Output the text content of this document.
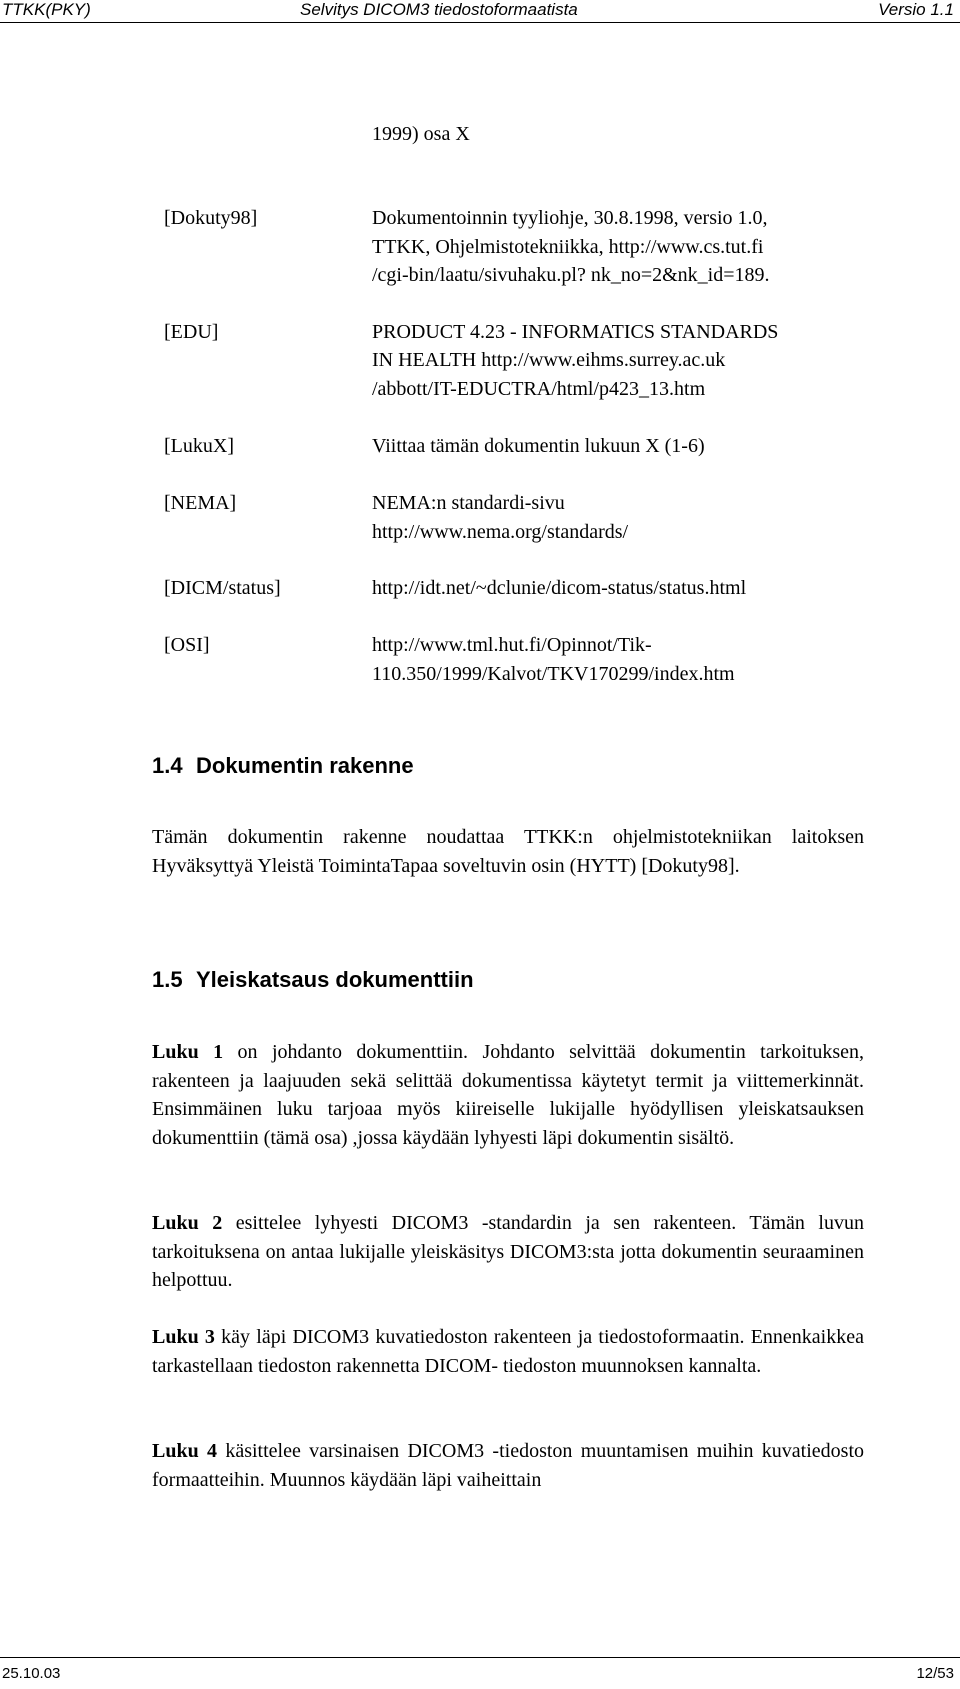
TTKK(PKY)	Selvitys DICOM3 tiedostoformaatista	Versio 1.1
1999) osa X
[Dokuty98]	Dokumentoinnin tyyliohje, 30.8.1998, versio 1.0,
TTKK, Ohjelmistotekniikka, http://www.cs.tut.fi
/cgi-bin/laatu/sivuhaku.pl? nk_no=2&nk_id=189.
[EDU]	PRODUCT 4.23 - INFORMATICS STANDARDS
IN HEALTH http://www.eihms.surrey.ac.uk
/abbott/IT-EDUCTRA/html/p423_13.htm
[LukuX]	Viittaa tämän dokumentin lukuun X (1-6)
[NEMA]	NEMA:n standardi-sivu
http://www.nema.org/standards/
[DICM/status]	http://idt.net/~dclunie/dicom-status/status.html
[OSI]	http://www.tml.hut.fi/Opinnot/Tik-
110.350/1999/Kalvot/TKV170299/index.htm
1.4 Dokumentin rakenne

Tämän dokumentin rakenne noudattaa TTKK:n ohjelmistotekniikan laitoksen Hyväksyttyä Yleistä ToimintaTapaa soveltuvin osin (HYTT) [Dokuty98].

1.5 Yleiskatsaus dokumenttiin

Luku 1 on johdanto dokumenttiin. Johdanto selvittää dokumentin tarkoituksen, rakenteen ja laajuuden sekä selittää dokumentissa käytetyt termit ja viittemerkinnät. Ensimmäinen luku tarjoaa myös kiireiselle lukijalle hyödyllisen yleiskatsauksen dokumenttiin (tämä osa) ,jossa käydään lyhyesti läpi dokumentin sisältö.

Luku 2 esittelee lyhyesti DICOM3 -standardin ja sen rakenteen. Tämän luvun tarkoituksena on antaa lukijalle yleiskäsitys DICOM3:sta jotta dokumentin seuraaminen helpottuu.

Luku 3 käy läpi DICOM3 kuvatiedoston rakenteen ja tiedostoformaatin. Ennenkaikkea tarkastellaan tiedoston rakennetta DICOM- tiedoston muunnoksen kannalta.

Luku 4 käsittelee varsinaisen DICOM3 -tiedoston muuntamisen muihin kuvatiedosto formaatteihin. Muunnos käydään läpi vaiheittain

25.10.03	12/53
